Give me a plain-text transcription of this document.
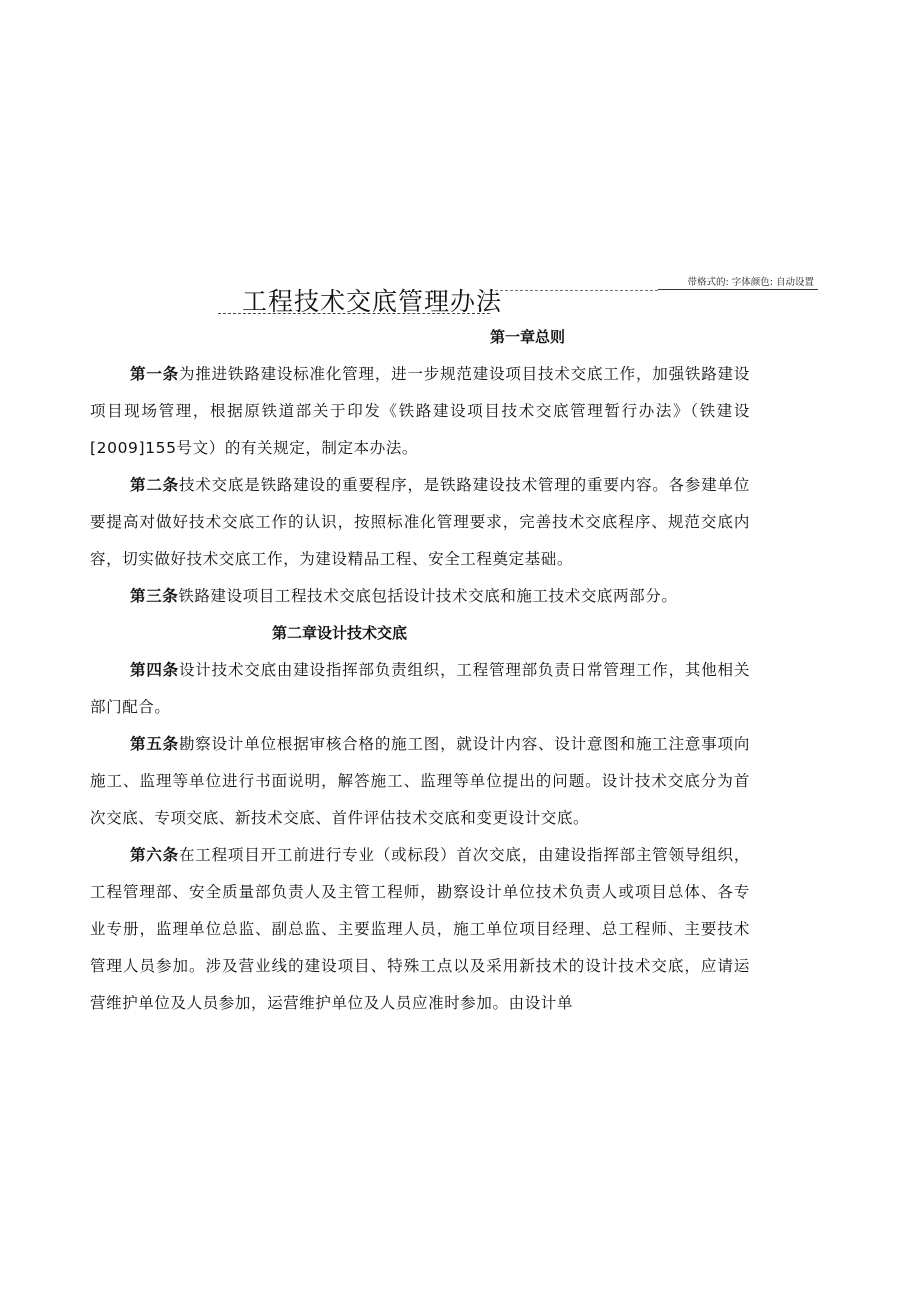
带格式的: 字体颜色: 自动设置
工程技术交底管理办法
第一章总则
第一条为推进铁路建设标准化管理，进一步规范建设项目技术交底工作，加强铁路建设项目现场管理，根据原铁道部关于印发《铁路建设项目技术交底管理暂行办法》（铁建设[2009]155号文）的有关规定，制定本办法。
第二条技术交底是铁路建设的重要程序，是铁路建设技术管理的重要内容。各参建单位要提高对做好技术交底工作的认识，按照标准化管理要求，完善技术交底程序、规范交底内容，切实做好技术交底工作，为建设精品工程、安全工程奠定基础。
第三条铁路建设项目工程技术交底包括设计技术交底和施工技术交底两部分。
第二章设计技术交底
第四条设计技术交底由建设指挥部负责组织，工程管理部负责日常管理工作，其他相关部门配合。
第五条勘察设计单位根据审核合格的施工图，就设计内容、设计意图和施工注意事项向施工、监理等单位进行书面说明，解答施工、监理等单位提出的问题。设计技术交底分为首次交底、专项交底、新技术交底、首件评估技术交底和变更设计交底。
第六条在工程项目开工前进行专业（或标段）首次交底，由建设指挥部主管领导组织，工程管理部、安全质量部负责人及主管工程师，勘察设计单位技术负责人或项目总体、各专业专册，监理单位总监、副总监、主要监理人员，施工单位项目经理、总工程师、主要技术管理人员参加。涉及营业线的建设项目、特殊工点以及采用新技术的设计技术交底，应请运营维护单位及人员参加，运营维护单位及人员应准时参加。由设计单
